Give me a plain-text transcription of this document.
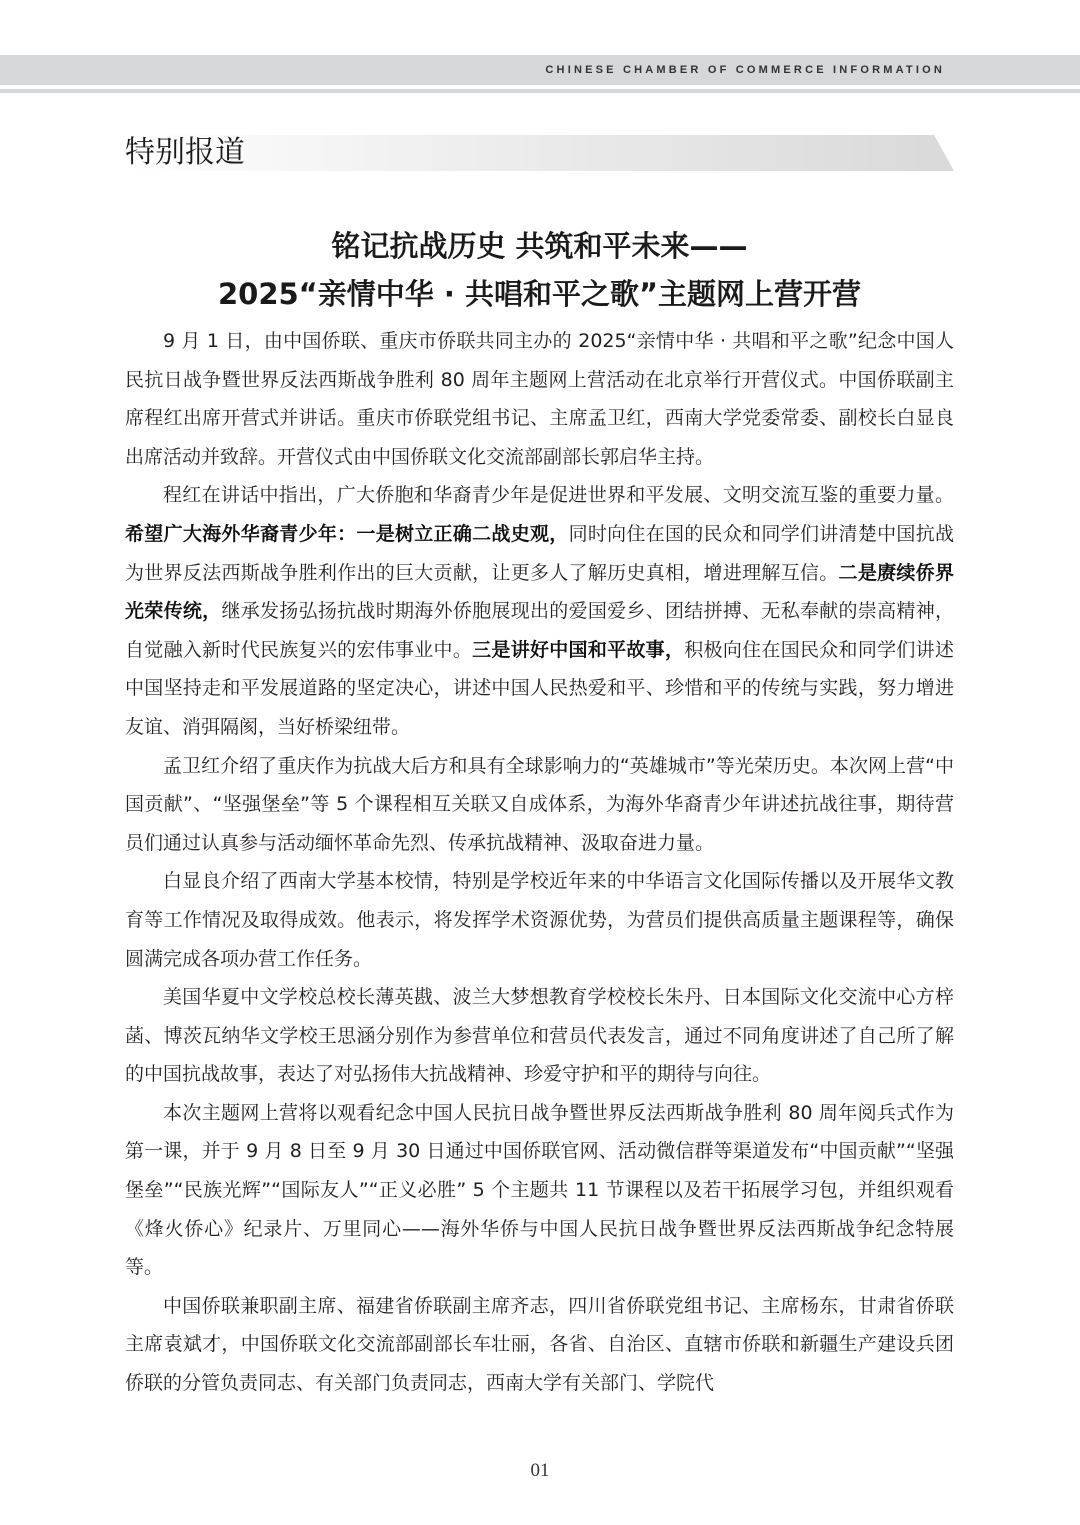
CHINESE CHAMBER OF COMMERCE INFORMATION
特别报道
铭记抗战历史 共筑和平未来——
2025“亲情中华 · 共唱和平之歌”主题网上营开营

9 月 1 日，由中国侨联、重庆市侨联共同主办的 2025“亲情中华 · 共唱和平之歌”纪念中国人民抗日战争暨世界反法西斯战争胜利 80 周年主题网上营活动在北京举行开营仪式。中国侨联副主席程红出席开营式并讲话。重庆市侨联党组书记、主席孟卫红，西南大学党委常委、副校长白显良出席活动并致辞。开营仪式由中国侨联文化交流部副部长郭启华主持。

程红在讲话中指出，广大侨胞和华裔青少年是促进世界和平发展、文明交流互鉴的重要力量。希望广大海外华裔青少年：一是树立正确二战史观，同时向住在国的民众和同学们讲清楚中国抗战为世界反法西斯战争胜利作出的巨大贡献，让更多人了解历史真相，增进理解互信。二是赓续侨界光荣传统，继承发扬弘扬抗战时期海外侨胞展现出的爱国爱乡、团结拼搏、无私奉献的崇高精神，自觉融入新时代民族复兴的宏伟事业中。三是讲好中国和平故事，积极向住在国民众和同学们讲述中国坚持走和平发展道路的坚定决心，讲述中国人民热爱和平、珍惜和平的传统与实践，努力增进友谊、消弭隔阂，当好桥梁纽带。

孟卫红介绍了重庆作为抗战大后方和具有全球影响力的“英雄城市”等光荣历史。本次网上营“中国贡献”、“坚强堡垒”等 5 个课程相互关联又自成体系，为海外华裔青少年讲述抗战往事，期待营员们通过认真参与活动缅怀革命先烈、传承抗战精神、汲取奋进力量。

白显良介绍了西南大学基本校情，特别是学校近年来的中华语言文化国际传播以及开展华文教育等工作情况及取得成效。他表示，将发挥学术资源优势，为营员们提供高质量主题课程等，确保圆满完成各项办营工作任务。

美国华夏中文学校总校长薄英戡、波兰大梦想教育学校校长朱丹、日本国际文化交流中心方梓菡、博茨瓦纳华文学校王思涵分别作为参营单位和营员代表发言，通过不同角度讲述了自己所了解的中国抗战故事，表达了对弘扬伟大抗战精神、珍爱守护和平的期待与向往。

本次主题网上营将以观看纪念中国人民抗日战争暨世界反法西斯战争胜利 80 周年阅兵式作为第一课，并于 9 月 8 日至 9 月 30 日通过中国侨联官网、活动微信群等渠道发布“中国贡献”“坚强堡垒”“民族光辉”“国际友人”“正义必胜” 5 个主题共 11 节课程以及若干拓展学习包，并组织观看《烽火侨心》纪录片、万里同心——海外华侨与中国人民抗日战争暨世界反法西斯战争纪念特展等。

中国侨联兼职副主席、福建省侨联副主席齐志，四川省侨联党组书记、主席杨东，甘肃省侨联主席袁斌才，中国侨联文化交流部副部长车壮丽，各省、自治区、直辖市侨联和新疆生产建设兵团侨联的分管负责同志、有关部门负责同志，西南大学有关部门、学院代

01
